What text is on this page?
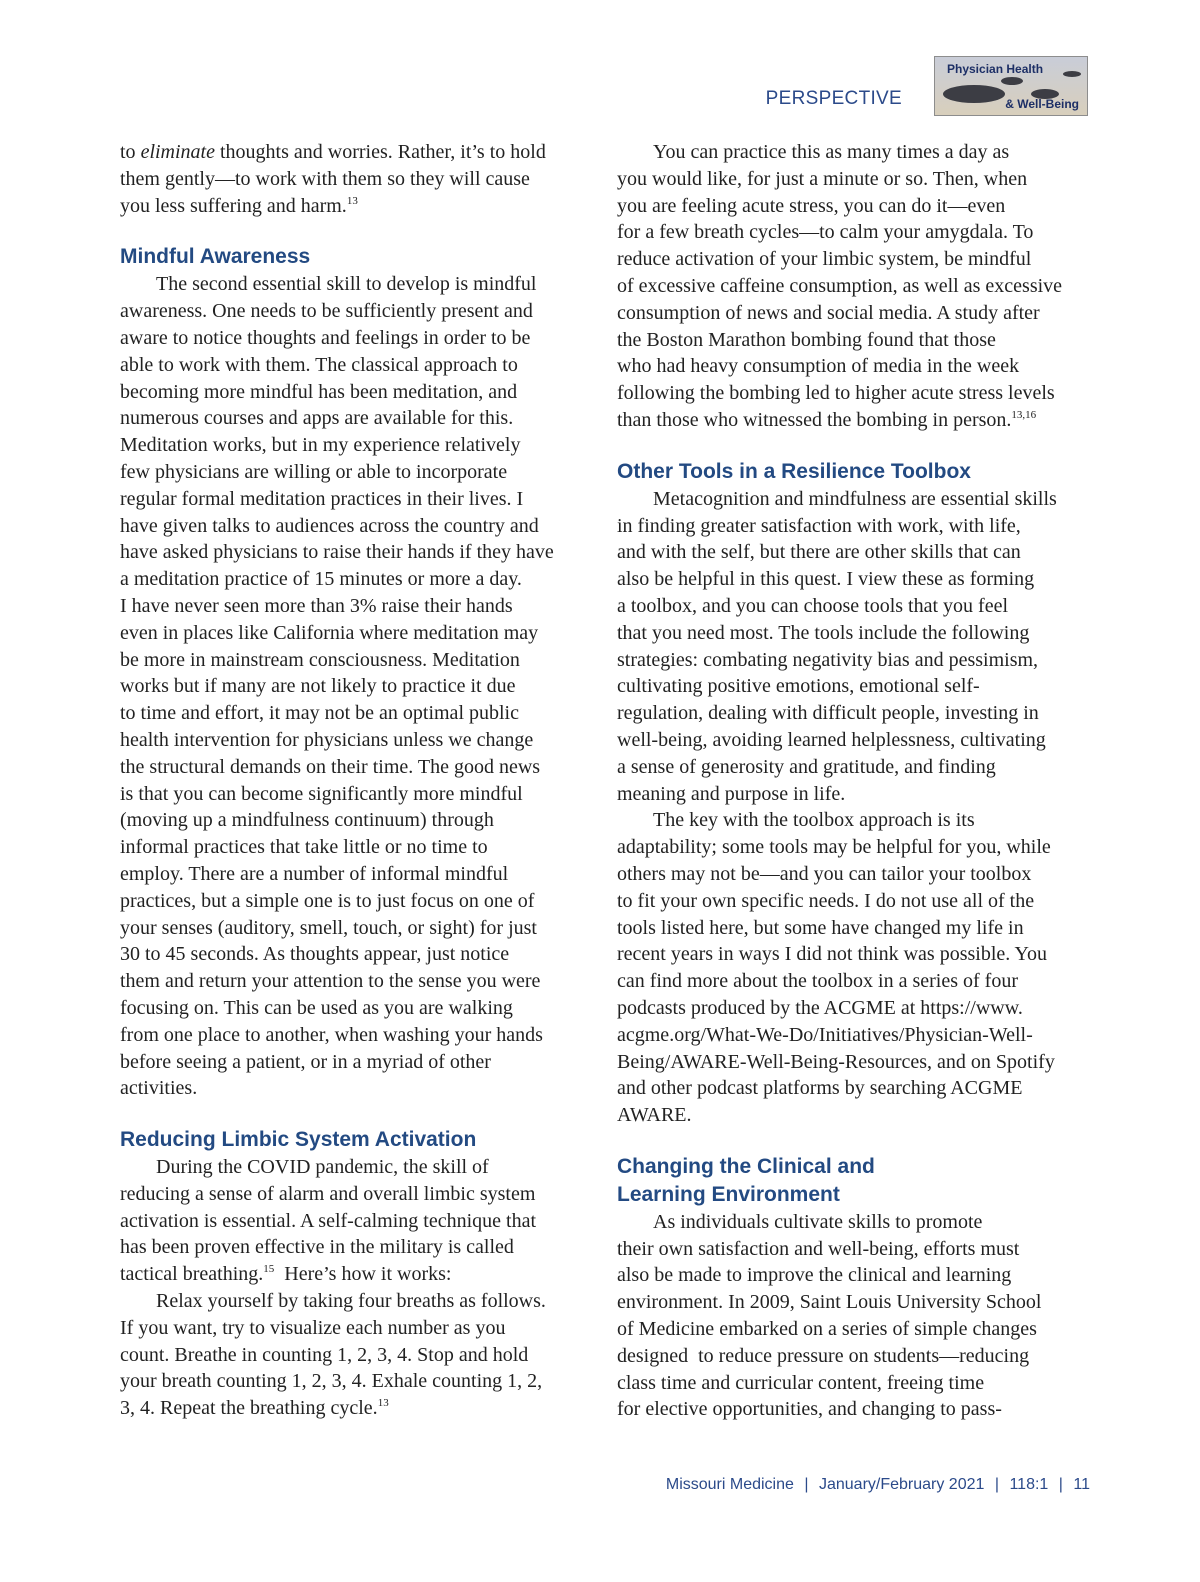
PERSPECTIVE
Physician Health
& Well-Being
to eliminate thoughts and worries. Rather, it’s to hold
them gently—to work with them so they will cause
you less suffering and harm.$^{13}$
Mindful Awareness
The second essential skill to develop is mindful
awareness. One needs to be sufficiently present and
aware to notice thoughts and feelings in order to be
able to work with them. The classical approach to
becoming more mindful has been meditation, and
numerous courses and apps are available for this.
Meditation works, but in my experience relatively
few physicians are willing or able to incorporate
regular formal meditation practices in their lives. I
have given talks to audiences across the country and
have asked physicians to raise their hands if they have
a meditation practice of 15 minutes or more a day.
I have never seen more than 3% raise their hands
even in places like California where meditation may
be more in mainstream consciousness. Meditation
works but if many are not likely to practice it due
to time and effort, it may not be an optimal public
health intervention for physicians unless we change
the structural demands on their time. The good news
is that you can become significantly more mindful
(moving up a mindfulness continuum) through
informal practices that take little or no time to
employ. There are a number of informal mindful
practices, but a simple one is to just focus on one of
your senses (auditory, smell, touch, or sight) for just
30 to 45 seconds. As thoughts appear, just notice
them and return your attention to the sense you were
focusing on. This can be used as you are walking
from one place to another, when washing your hands
before seeing a patient, or in a myriad of other
activities.
Reducing Limbic System Activation
During the COVID pandemic, the skill of
reducing a sense of alarm and overall limbic system
activation is essential. A self-calming technique that
has been proven effective in the military is called
tactical breathing.$^{15}$  Here’s how it works:
Relax yourself by taking four breaths as follows.
If you want, try to visualize each number as you
count. Breathe in counting 1, 2, 3, 4. Stop and hold
your breath counting 1, 2, 3, 4. Exhale counting 1, 2,
3, 4. Repeat the breathing cycle.$^{13}$
You can practice this as many times a day as
you would like, for just a minute or so. Then, when
you are feeling acute stress, you can do it—even
for a few breath cycles—to calm your amygdala. To
reduce activation of your limbic system, be mindful
of excessive caffeine consumption, as well as excessive
consumption of news and social media. A study after
the Boston Marathon bombing found that those
who had heavy consumption of media in the week
following the bombing led to higher acute stress levels
than those who witnessed the bombing in person.$^{13,16}$
Other Tools in a Resilience Toolbox
Metacognition and mindfulness are essential skills
in finding greater satisfaction with work, with life,
and with the self, but there are other skills that can
also be helpful in this quest. I view these as forming
a toolbox, and you can choose tools that you feel
that you need most. The tools include the following
strategies: combating negativity bias and pessimism,
cultivating positive emotions, emotional self-
regulation, dealing with difficult people, investing in
well-being, avoiding learned helplessness, cultivating
a sense of generosity and gratitude, and finding
meaning and purpose in life.
The key with the toolbox approach is its
adaptability; some tools may be helpful for you, while
others may not be—and you can tailor your toolbox
to fit your own specific needs. I do not use all of the
tools listed here, but some have changed my life in
recent years in ways I did not think was possible. You
can find more about the toolbox in a series of four
podcasts produced by the ACGME at https://www.
acgme.org/What-We-Do/Initiatives/Physician-Well-
Being/AWARE-Well-Being-Resources, and on Spotify
and other podcast platforms by searching ACGME
AWARE.
Changing the Clinical and
Learning Environment
As individuals cultivate skills to promote
their own satisfaction and well-being, efforts must
also be made to improve the clinical and learning
environment. In 2009, Saint Louis University School
of Medicine embarked on a series of simple changes
designed  to reduce pressure on students—reducing
class time and curricular content, freeing time
for elective opportunities, and changing to pass-
Missouri Medicine | January/February 2021 | 118:1 | 11
